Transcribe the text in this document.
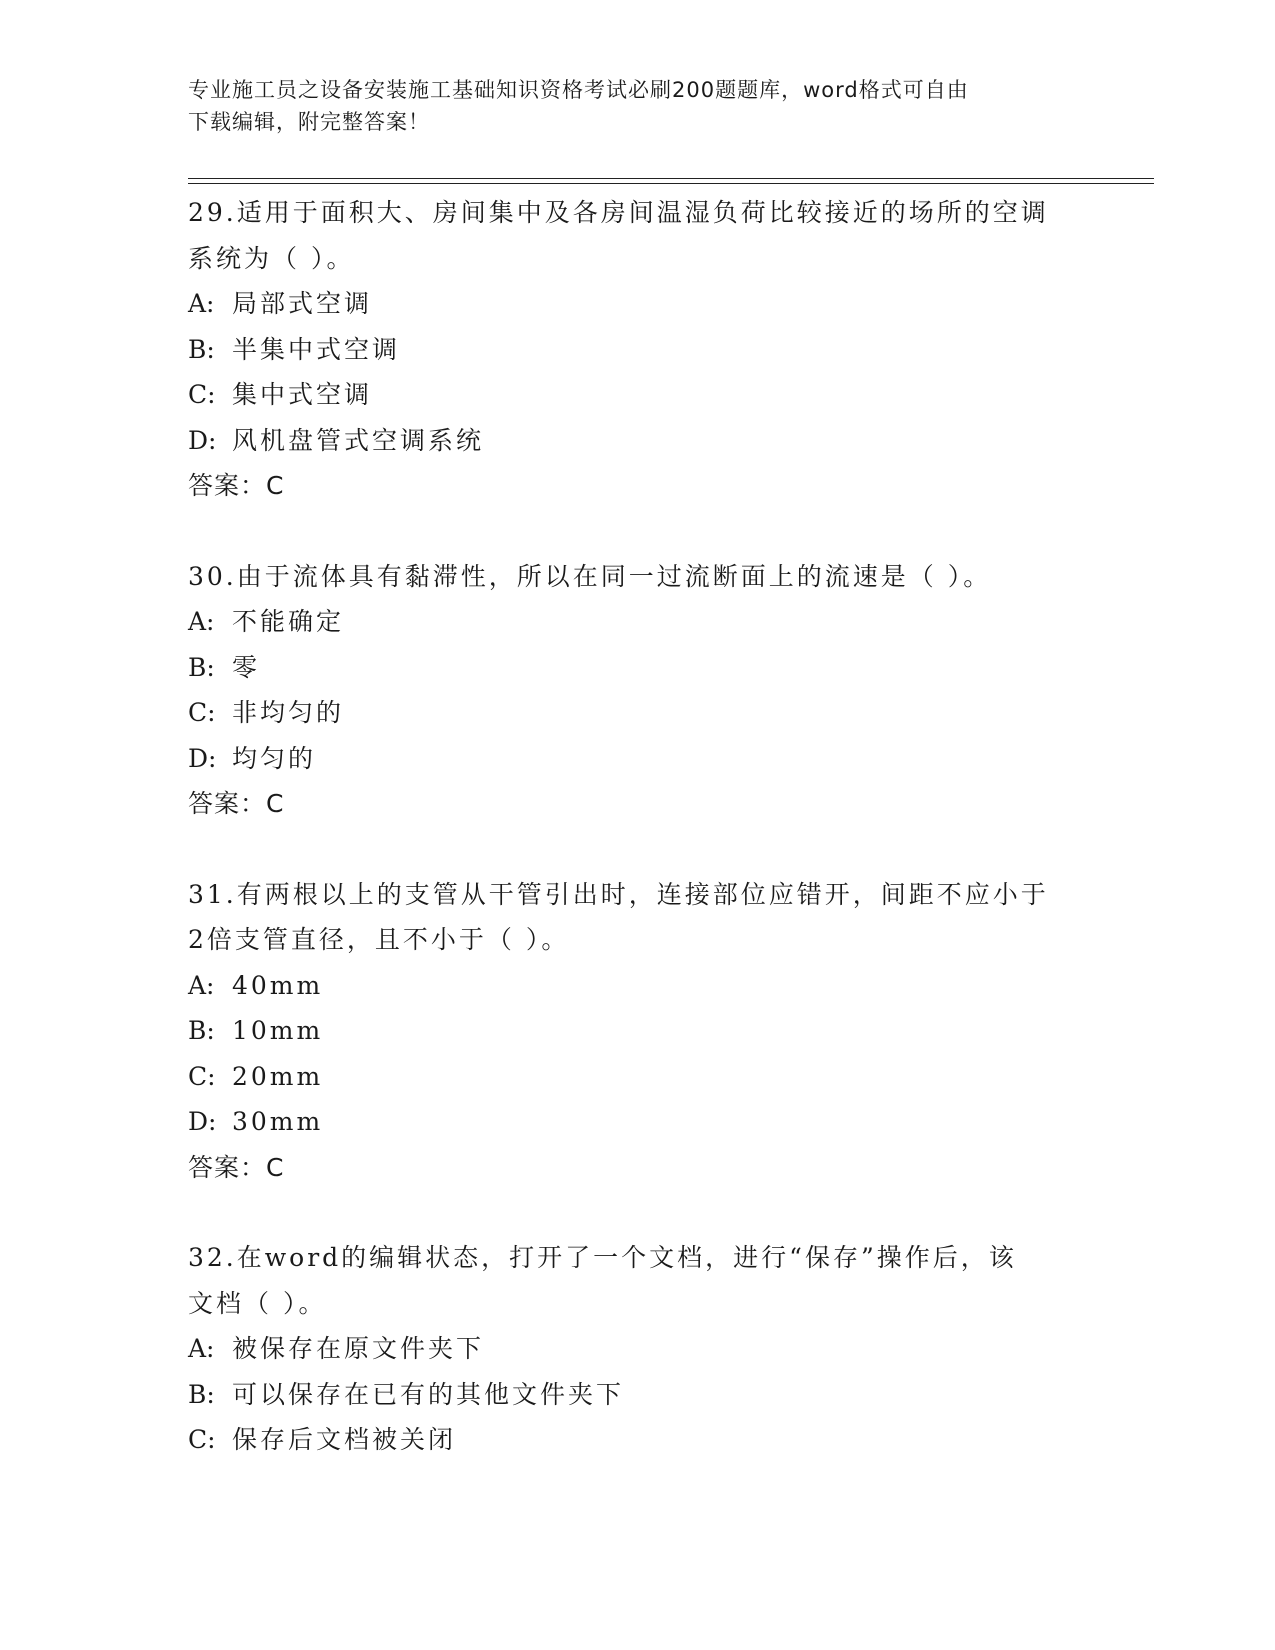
专业施工员之设备安装施工基础知识资格考试必刷200题题库，word格式可自由
下载编辑，附完整答案！
29.适用于面积大、房间集中及各房间温湿负荷比较接近的场所的空调
系统为（ ）。
A: 局部式空调
B: 半集中式空调
C: 集中式空调
D: 风机盘管式空调系统
答案：C
30.由于流体具有黏滞性，所以在同一过流断面上的流速是（ ）。
A: 不能确定
B: 零
C: 非均匀的
D: 均匀的
答案：C
31.有两根以上的支管从干管引出时，连接部位应错开，间距不应小于
2倍支管直径，且不小于（ ）。
A: 40mm
B: 10mm
C: 20mm
D: 30mm
答案：C
32.在word的编辑状态，打开了一个文档，进行“保存”操作后，该
文档（ ）。
A: 被保存在原文件夹下
B: 可以保存在已有的其他文件夹下
C: 保存后文档被关闭
